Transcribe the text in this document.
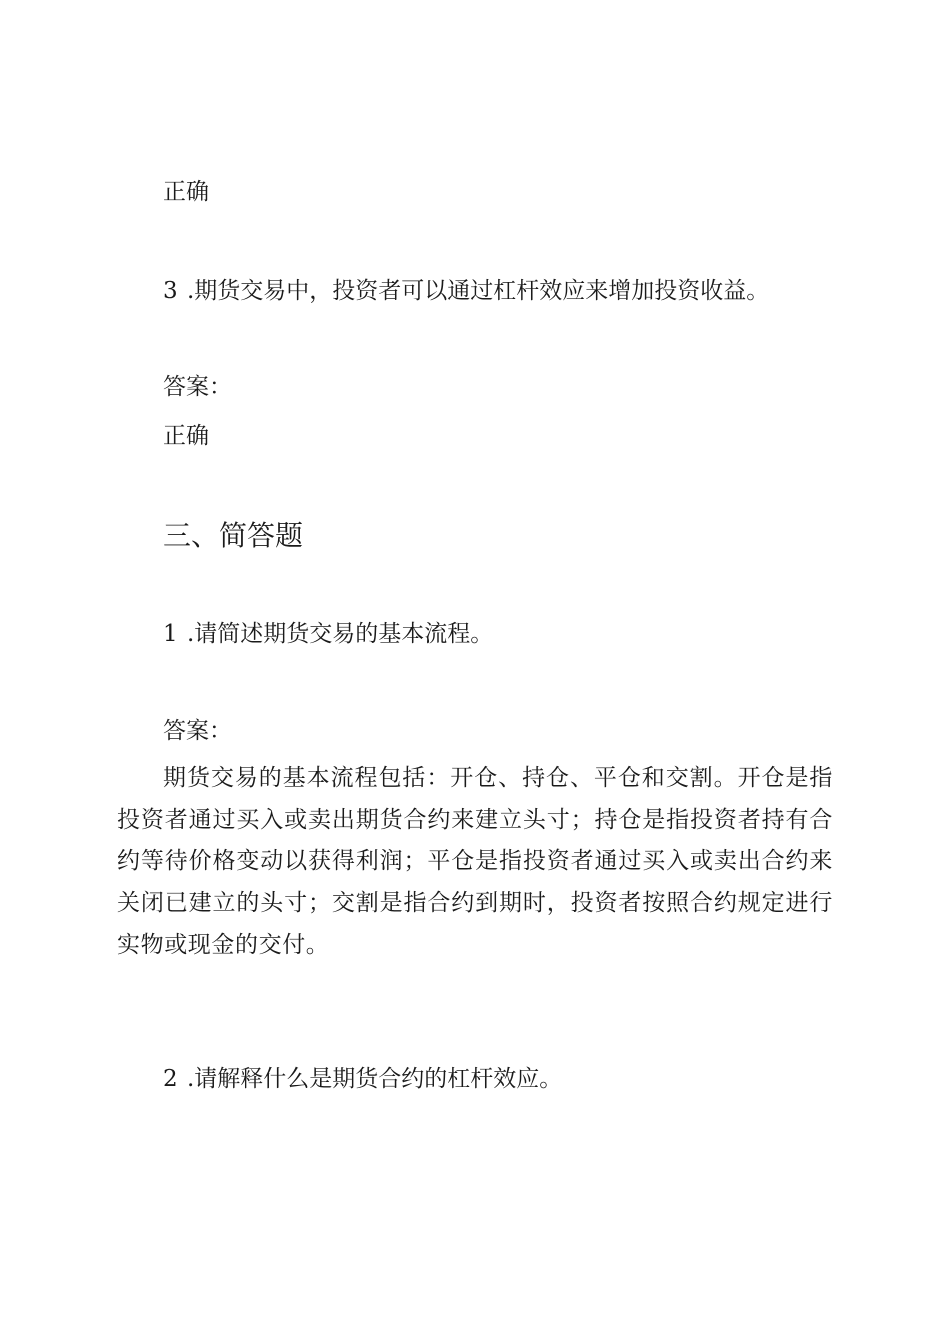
正确
3 .期货交易中，投资者可以通过杠杆效应来增加投资收益。
答案：
正确
三、简答题
1 .请简述期货交易的基本流程。
答案：
期货交易的基本流程包括：开仓、持仓、平仓和交割。开仓是指投资者通过买入或卖出期货合约来建立头寸；持仓是指投资者持有合约等待价格变动以获得利润；平仓是指投资者通过买入或卖出合约来关闭已建立的头寸；交割是指合约到期时，投资者按照合约规定进行实物或现金的交付。
2 .请解释什么是期货合约的杠杆效应。
